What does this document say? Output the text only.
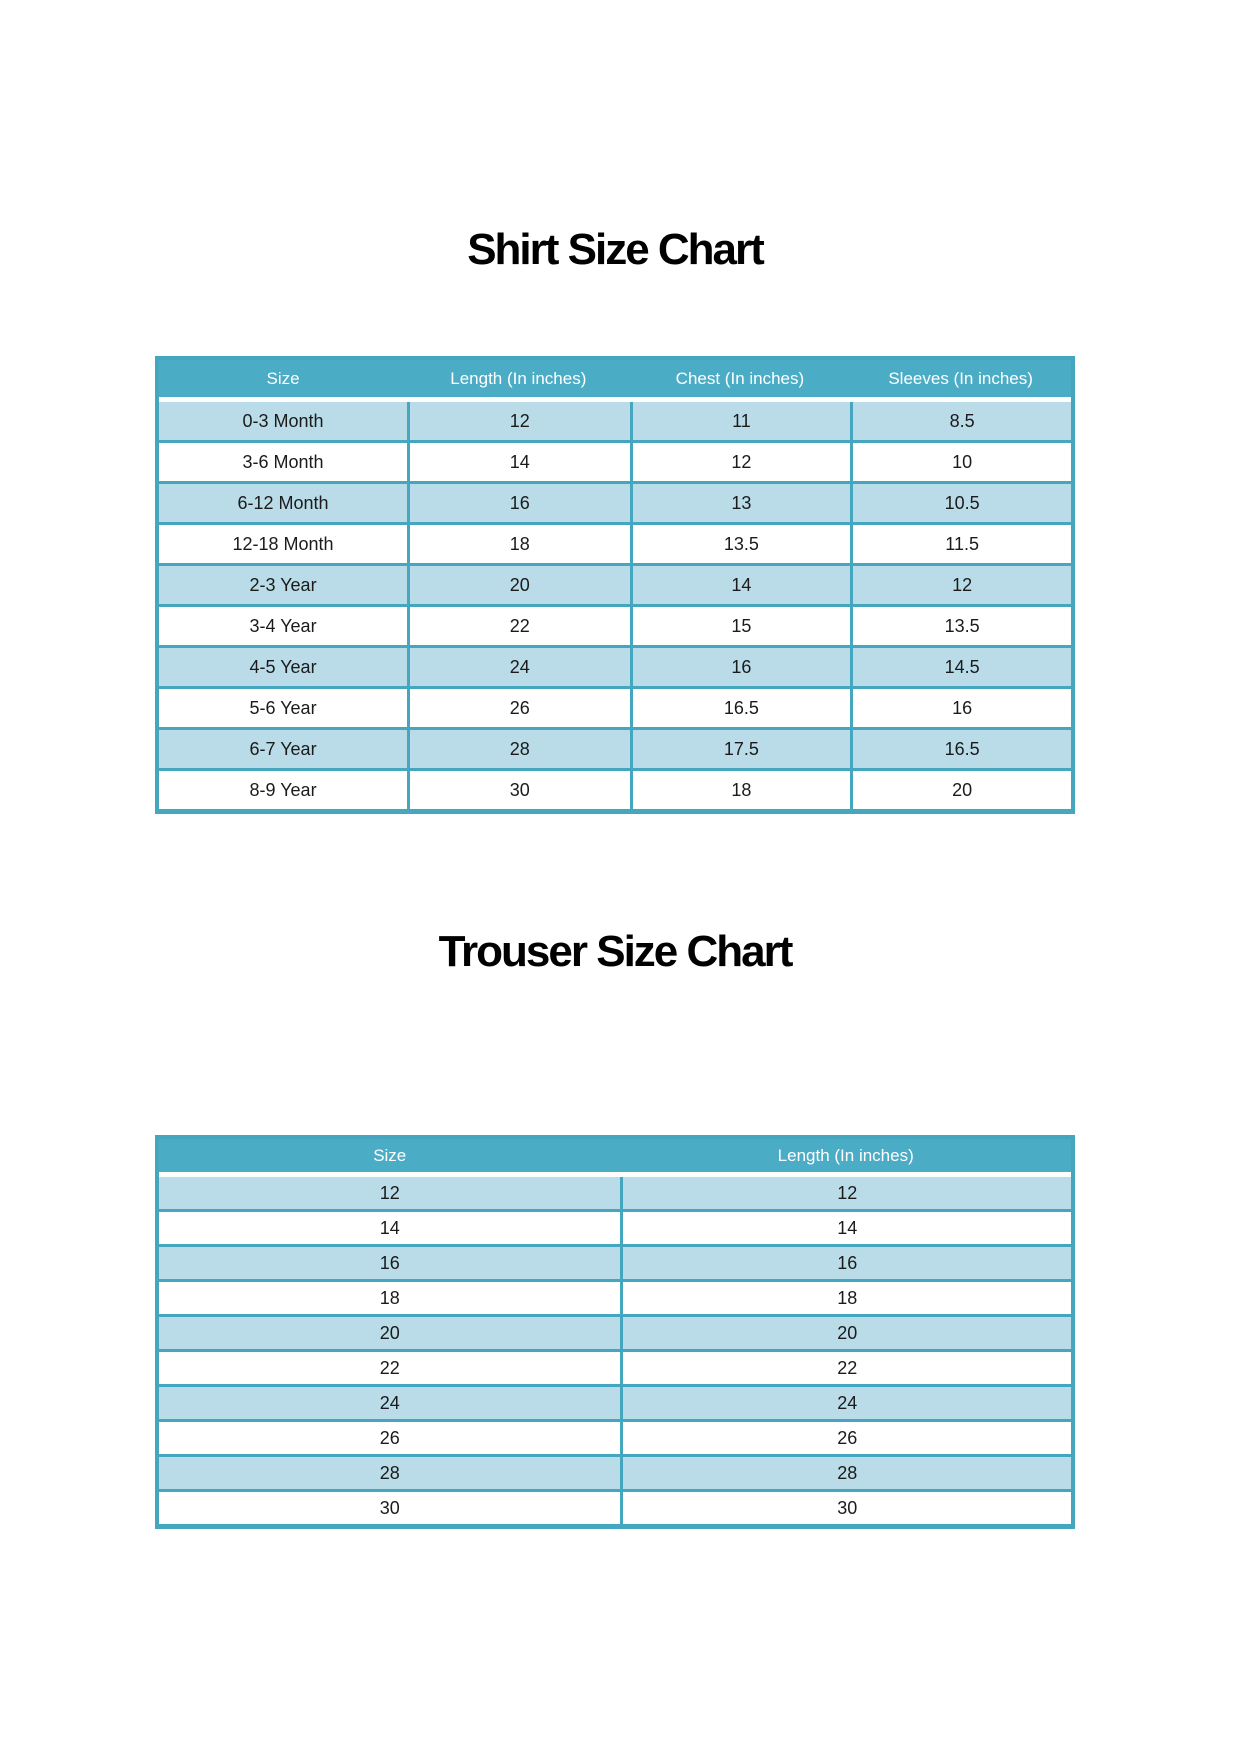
Shirt Size Chart
Size	Length (In inches)	Chest (In inches)	Sleeves (In inches)
0-3 Month	12	11	8.5
3-6 Month	14	12	10
6-12 Month	16	13	10.5
12-18 Month	18	13.5	11.5
2-3 Year	20	14	12
3-4 Year	22	15	13.5
4-5 Year	24	16	14.5
5-6 Year	26	16.5	16
6-7 Year	28	17.5	16.5
8-9 Year	30	18	20
Trouser Size Chart
Size	Length (In inches)
12	12
14	14
16	16
18	18
20	20
22	22
24	24
26	26
28	28
30	30
